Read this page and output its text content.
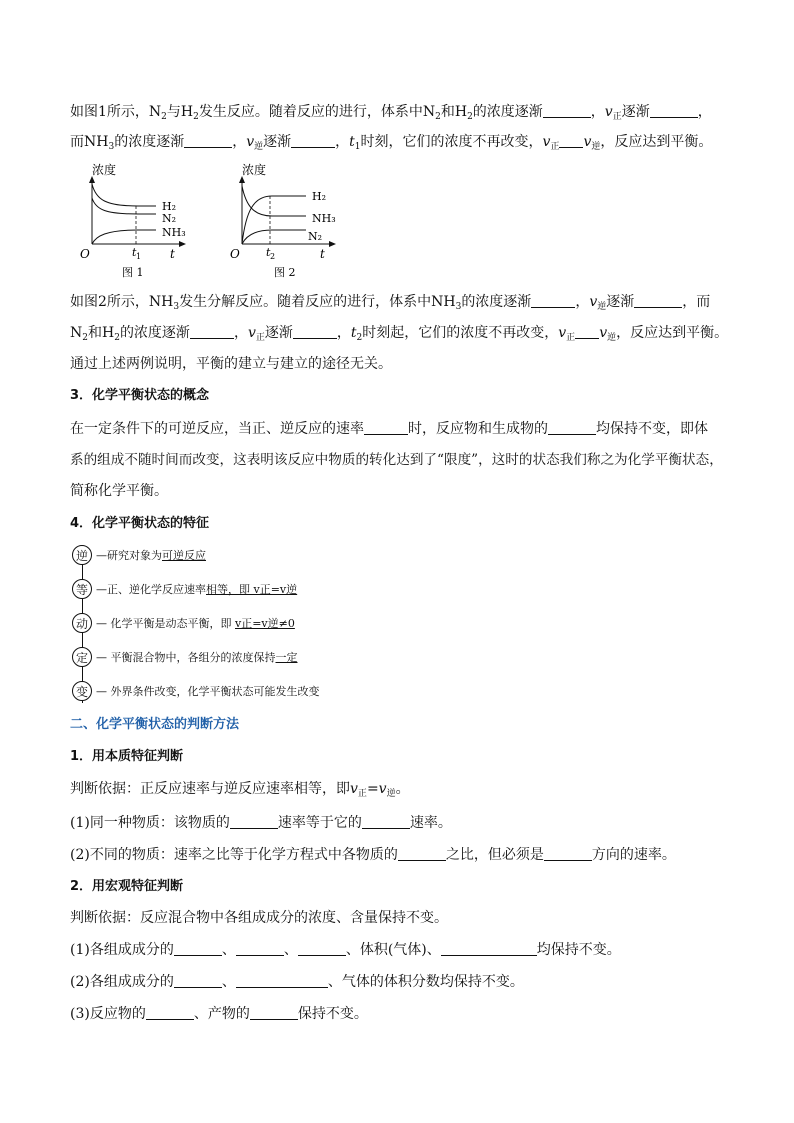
如图1所示，$N_2$与$H_2$发生反应。随着反应的进行，体系中$N_2$和$H_2$的浓度逐渐	，$v_正$逐渐	，
而$NH_3$的浓度逐渐	，$v_逆$逐渐	，$t_1$时刻，它们的浓度不再改变，$v_正$ $v_逆$，反应达到平衡。
浓度
O	t
H₂
N₂
NH₃
t 1
图 1
浓度
O	t
H₂
NH₃
N₂
t 2
图 2
如图2所示，$NH_3$发生分解反应。随着反应的进行，体系中$NH_3$的浓度逐渐	，$v_逆$逐渐	，而
$N_2$和$H_2$的浓度逐渐	，$v_正$逐渐	，$t_2$时刻起，它们的浓度不再改变，$v_正$ $v_逆$，反应达到平衡。
通过上述两例说明，平衡的建立与建立的途径无关。
3．化学平衡状态的概念
在一定条件下的可逆反应，当正、逆反应的速率	时，反应物和生成物的	均保持不变，即体
系的组成不随时间而改变，这表明该反应中物质的转化达到了“限度”，这时的状态我们称之为化学平衡状态，
简称化学平衡。
4．化学平衡状态的特征
逆 —研究对象为可逆反应
等 —正、逆化学反应速率相等，即 v正=v逆
动 — 化学平衡是动态平衡，即 v正=v逆≠0
定 — 平衡混合物中，各组分的浓度保持一定
变 — 外界条件改变，化学平衡状态可能发生改变
二、化学平衡状态的判断方法
1．用本质特征判断
判断依据：正反应速率与逆反应速率相等，即$v_正=v_逆$。
(1)同一种物质：该物质的	速率等于它的	速率。
(2)不同的物质：速率之比等于化学方程式中各物质的	之比，但必须是	方向的速率。
2．用宏观特征判断
判断依据：反应混合物中各组成成分的浓度、含量保持不变。
(1)各组成成分的	、	、	、体积(气体)、	均保持不变。
(2)各组成成分的	、	、气体的体积分数均保持不变。
(3)反应物的	、产物的	保持不变。
